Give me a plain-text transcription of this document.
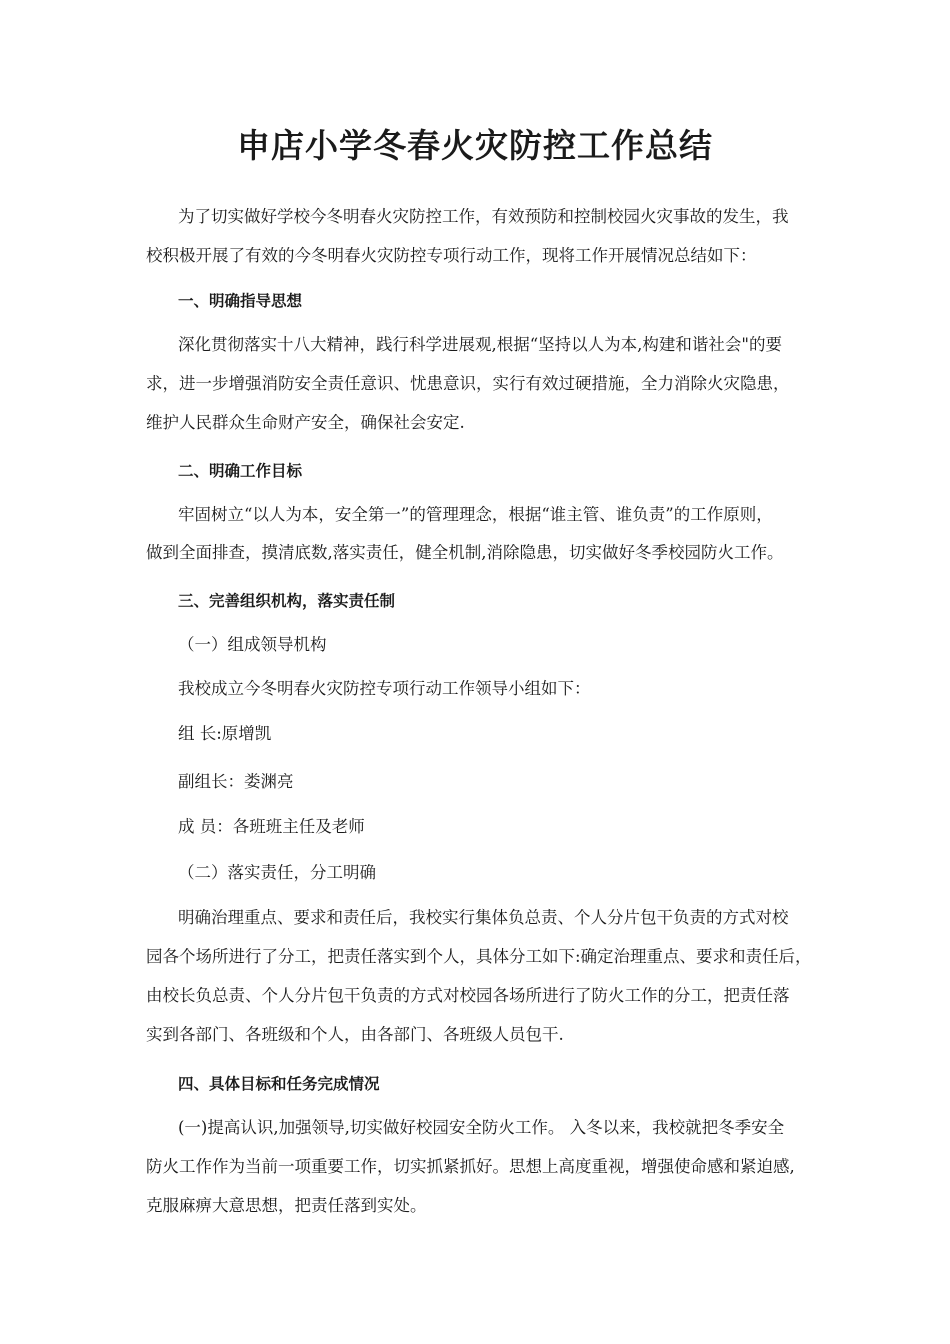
申店小学冬春火灾防控工作总结

为了切实做好学校今冬明春火灾防控工作，有效预防和控制校园火灾事故的发生，我

校积极开展了有效的今冬明春火灾防控专项行动工作，现将工作开展情况总结如下：

一、明确指导思想

深化贯彻落实十八大精神，践行科学进展观,根据“坚持以人为本,构建和谐社会"的要

求，进一步增强消防安全责任意识、忧患意识，实行有效过硬措施，全力消除火灾隐患，

维护人民群众生命财产安全，确保社会安定.

二、明确工作目标

牢固树立“以人为本，安全第一”的管理理念，根据“谁主管、谁负责”的工作原则，

做到全面排查，摸清底数,落实责任，健全机制,消除隐患，切实做好冬季校园防火工作。

三、完善组织机构，落实责任制

（一）组成领导机构

我校成立今冬明春火灾防控专项行动工作领导小组如下：

组 长:原增凯

副组长：娄渊亮

成 员：各班班主任及老师

（二）落实责任，分工明确

明确治理重点、要求和责任后，我校实行集体负总责、个人分片包干负责的方式对校

园各个场所进行了分工，把责任落实到个人，具体分工如下:确定治理重点、要求和责任后，

由校长负总责、个人分片包干负责的方式对校园各场所进行了防火工作的分工，把责任落

实到各部门、各班级和个人，由各部门、各班级人员包干.

四、具体目标和任务完成情况

(一)提高认识,加强领导,切实做好校园安全防火工作。 入冬以来，我校就把冬季安全

防火工作作为当前一项重要工作，切实抓紧抓好。思想上高度重视，增强使命感和紧迫感,

克服麻痹大意思想，把责任落到实处。
